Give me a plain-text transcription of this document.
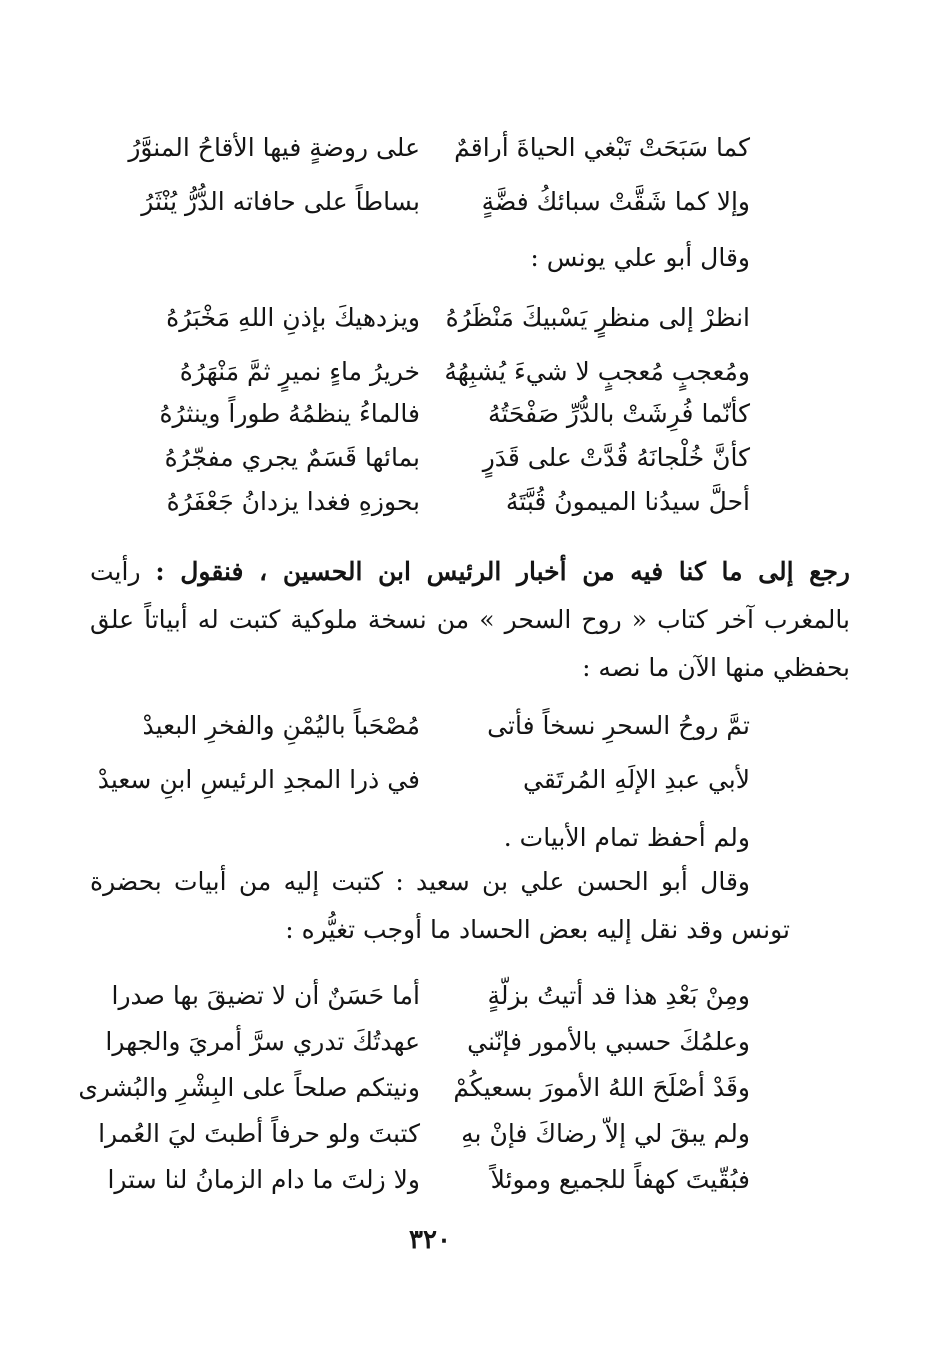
كما سَبَحَتْ تَبْغي الحياةَ أراقمٌ
على روضةٍ فيها الأقاحُ المنوَّرُ
وإلا كما شَقَّتْ سبائكُ فضَّةٍ
بساطاً على حافاته الدُّرُّ يُنْثَرُ
وقال أبو علي يونس :
انظرْ إلى منظرٍ يَسْبيكَ مَنْظَرُهُ
ويزدهيكَ بإذنِ اللهِ مَخْبَرُهُ
ومُعجبٍ مُعجبٍ لا شيءَ يُشبِهُهُ
خريرُ ماءٍ نميرٍ ثمَّ مَنْهَرُهُ
كأنّما فُرِشَتْ بالدُّرِّ صَفْحَتُهُ
فالماءُ ينظمُهُ طوراً وينثرُهُ
كأنَّ خُلْجانَهُ قُدَّتْ على قَدَرٍ
بمائها قَسَمٌ يجري مفجّرُهُ
أحلَّ سيدُنا الميمونُ قُبَّتَهُ
بحوزهِ فغدا يزدانُ جَعْفَرُهُ
رجع إلى ما كنا فيه من أخبار الرئيس ابن الحسين ، فنقول : رأيت بالمغرب آخر كتاب « روح السحر » من نسخة ملوكية كتبت له أبياتاً علق بحفظي منها الآن ما نصه :
تمَّ روحُ السحرِ نسخاً فأتى
مُصْحَباً باليُمْنِ والفخرِ البعيدْ
لأبي عبدِ الإلَهِ المُرتَقي
في ذرا المجدِ الرئيسِ ابنِ سعيدْ
ولم أحفظ تمام الأبيات .
وقال أبو الحسن علي بن سعيد : كتبت إليه من أبيات بحضرة تونس وقد نقل إليه بعض الحساد ما أوجب تغيُّره :
ومِنْ بَعْدِ هذا قد أتيتُ بزلّةٍ
أما حَسَنٌ أن لا تضيقَ بها صدرا
وعلمُكَ حسبي بالأمور فإنّني
عهدتُكَ تدري سرَّ أمريَ والجهرا
وقَدْ أصْلَحَ اللهُ الأمورَ بسعيكُمْ
ونيتكم صلحاً على البِشْرِ والبُشرى
ولم يبقَ لي إلاّ رضاكَ فإنْ بهِ
كتبتَ ولو حرفاً أطبتَ ليَ العُمرا
فبُقّيتَ كهفاً للجميع وموئلاً
ولا زلتَ ما دام الزمانُ لنا سترا
٣٢٠
